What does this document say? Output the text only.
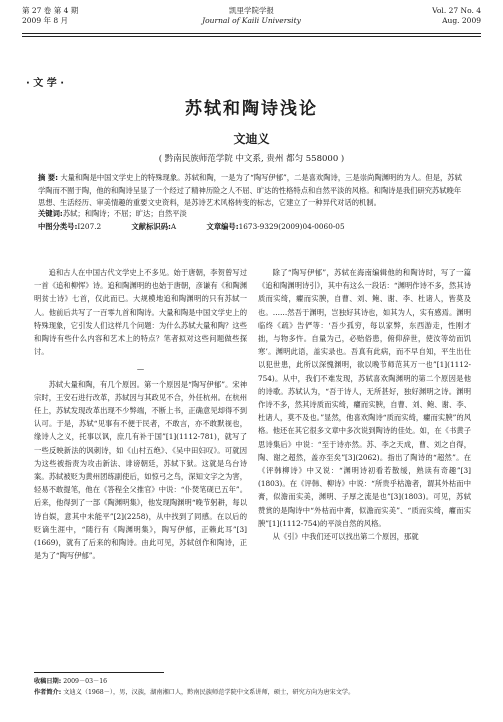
第 27 卷 第 4 期
2009 年 8 月
凯里学院学报
Journal of Kaili University
Vol. 27 No. 4
Aug. 2009
· 文 学 ·
苏轼和陶诗浅论
文迪义
( 黔南民族师范学院 中文系, 贵州 都匀 558000 )
摘 要: 大量和陶是中国文学史上的特殊现象。苏轼和陶，一是为了“陶写伊郁”，二是喜欢陶诗，三是崇尚陶渊明的为人。但是，苏轼学陶而不囿于陶，他的和陶诗呈显了一个经过了精神历险之人不屈、旷达的性格特点和自然平淡的风格。和陶诗是我们研究苏轼晚年思想、生活经历、审美情趣的重要文史资料，是苏诗艺术风格转变的标志，它建立了一种异代对话的机制。
关键词:苏轼；和陶诗；不屈；旷达；自然平淡
中图分类号:I207.2	文献标识码:A	文章编号:1673-9329(2009)04-0060-05

追和古人在中国古代文学史上不多见。始于唐朝，李贺曾写过一首《追和柳恽》诗。追和陶渊明的也始于唐朝，彦谦有《和陶渊明贫士诗》七首，仅此而已。大规模地追和陶渊明的只有苏轼一人。他前后共写了一百零九首和陶诗。大量和陶是中国文学史上的特殊现象，它引发人们这样几个问题：为什么苏轼大量和陶？这些和陶诗有些什么内容和艺术上的特点？笔者拟对这些问题做些探讨。

—

苏轼大量和陶，有几个原因。第一个原因是“陶写伊郁”。宋神宗时，王安石进行改革，苏轼因与其政见不合，外任杭州。在杭州任上，苏轼发现改革出现不少弊端，不断上书，正确意见却得不到认可。于是，苏轼“见事有不便于民者，不敢言，亦不敢默视也，缘诗人之义，托事以讽，庶几有补于国”[1](1112-781)，就写了一些反映新法的讽刺诗，如《山村五绝》、《吴中田妇叹》。可就因为这些被指责为攻击新法、诽谤朝廷，苏轼下狱。这就是乌台诗案。苏轼被贬为黄州团练副使后，如惊弓之鸟，深知文字之为害，轻易不敢提笔，他在《答程全父推官》中说：“仆焚笔砚已五年”。后来，他得到了一部《陶渊明集》，他发现陶渊明“晚节躬耕，每以诗自娱，意其中未能平”[2](2258)，从中找到了同感。在以后的贬谪生涯中，“随行有《陶渊明集》，陶写伊郁，正赖此耳”[3](1669)，就有了后来的和陶诗。由此可见，苏轼创作和陶诗，正是为了“陶写伊郁”。

除了“陶写伊郁”，苏轼在海南编辑他的和陶诗时，写了一篇《追和陶渊明诗引》，其中有这么一段话：“渊明作诗不多，然其诗质而实绮，癯而实腴，自曹、刘、鲍、谢、李、杜诸人，皆莫及也。……然吾于渊明，岂独好其诗也，如其为人，实有感焉。渊明临终《疏》告俨等：‘吾少孤穷，每以家弊，东西游走，性刚才拙，与物多忤。自量为己，必贻俗患，俯仰辞世，使汝等幼而饥寒’。渊明此语，盖实录也。吾真有此病，而不早自知，平生出仕以犯世患，此所以深愧渊明，欲以晚节师范其万一也”[1](1112-754)。从中，我们不难发现，苏轼喜欢陶渊明的第二个原因是他的诗歌。苏轼认为，“吾于诗人，无所甚好，独好渊明之诗。渊明作诗不多，然其诗质而实绮，癯而实腴，自曹、刘、鲍、谢、李、杜诸人，莫不及也。”显然，他喜欢陶诗“质而实绮，癯而实腴”的风格。他还在其它很多文章中多次说到陶诗的佳处。如，在《书黄子思诗集后》中说：“至于诗亦然。苏、李之天成，曹、刘之自得，陶、谢之超然，盖亦至矣”[3](2062)。指出了陶诗的“超然”。在《评韩柳诗》中又说：“渊明诗初看若散缓，熟读有奇趣”[3](1803)。在《评韩、柳诗》中说：“所贵乎枯澹者，谓其外枯而中膏，似澹而实美，渊明、子厚之流是也”[3](1803)。可见，苏轼赞赏的是陶诗中“外枯而中膏，似澹而实美”、“质而实绮，癯而实腴”[1](1112-754)的平淡自然的风格。

从《引》中我们还可以找出第二个原因，那就

收稿日期: 2009－03－16
作者简介: 文迪义（1968－），男，汉族，湖南湘口人，黔南民族师范学院中文系讲师，硕士，研究方向为唐宋文学。
